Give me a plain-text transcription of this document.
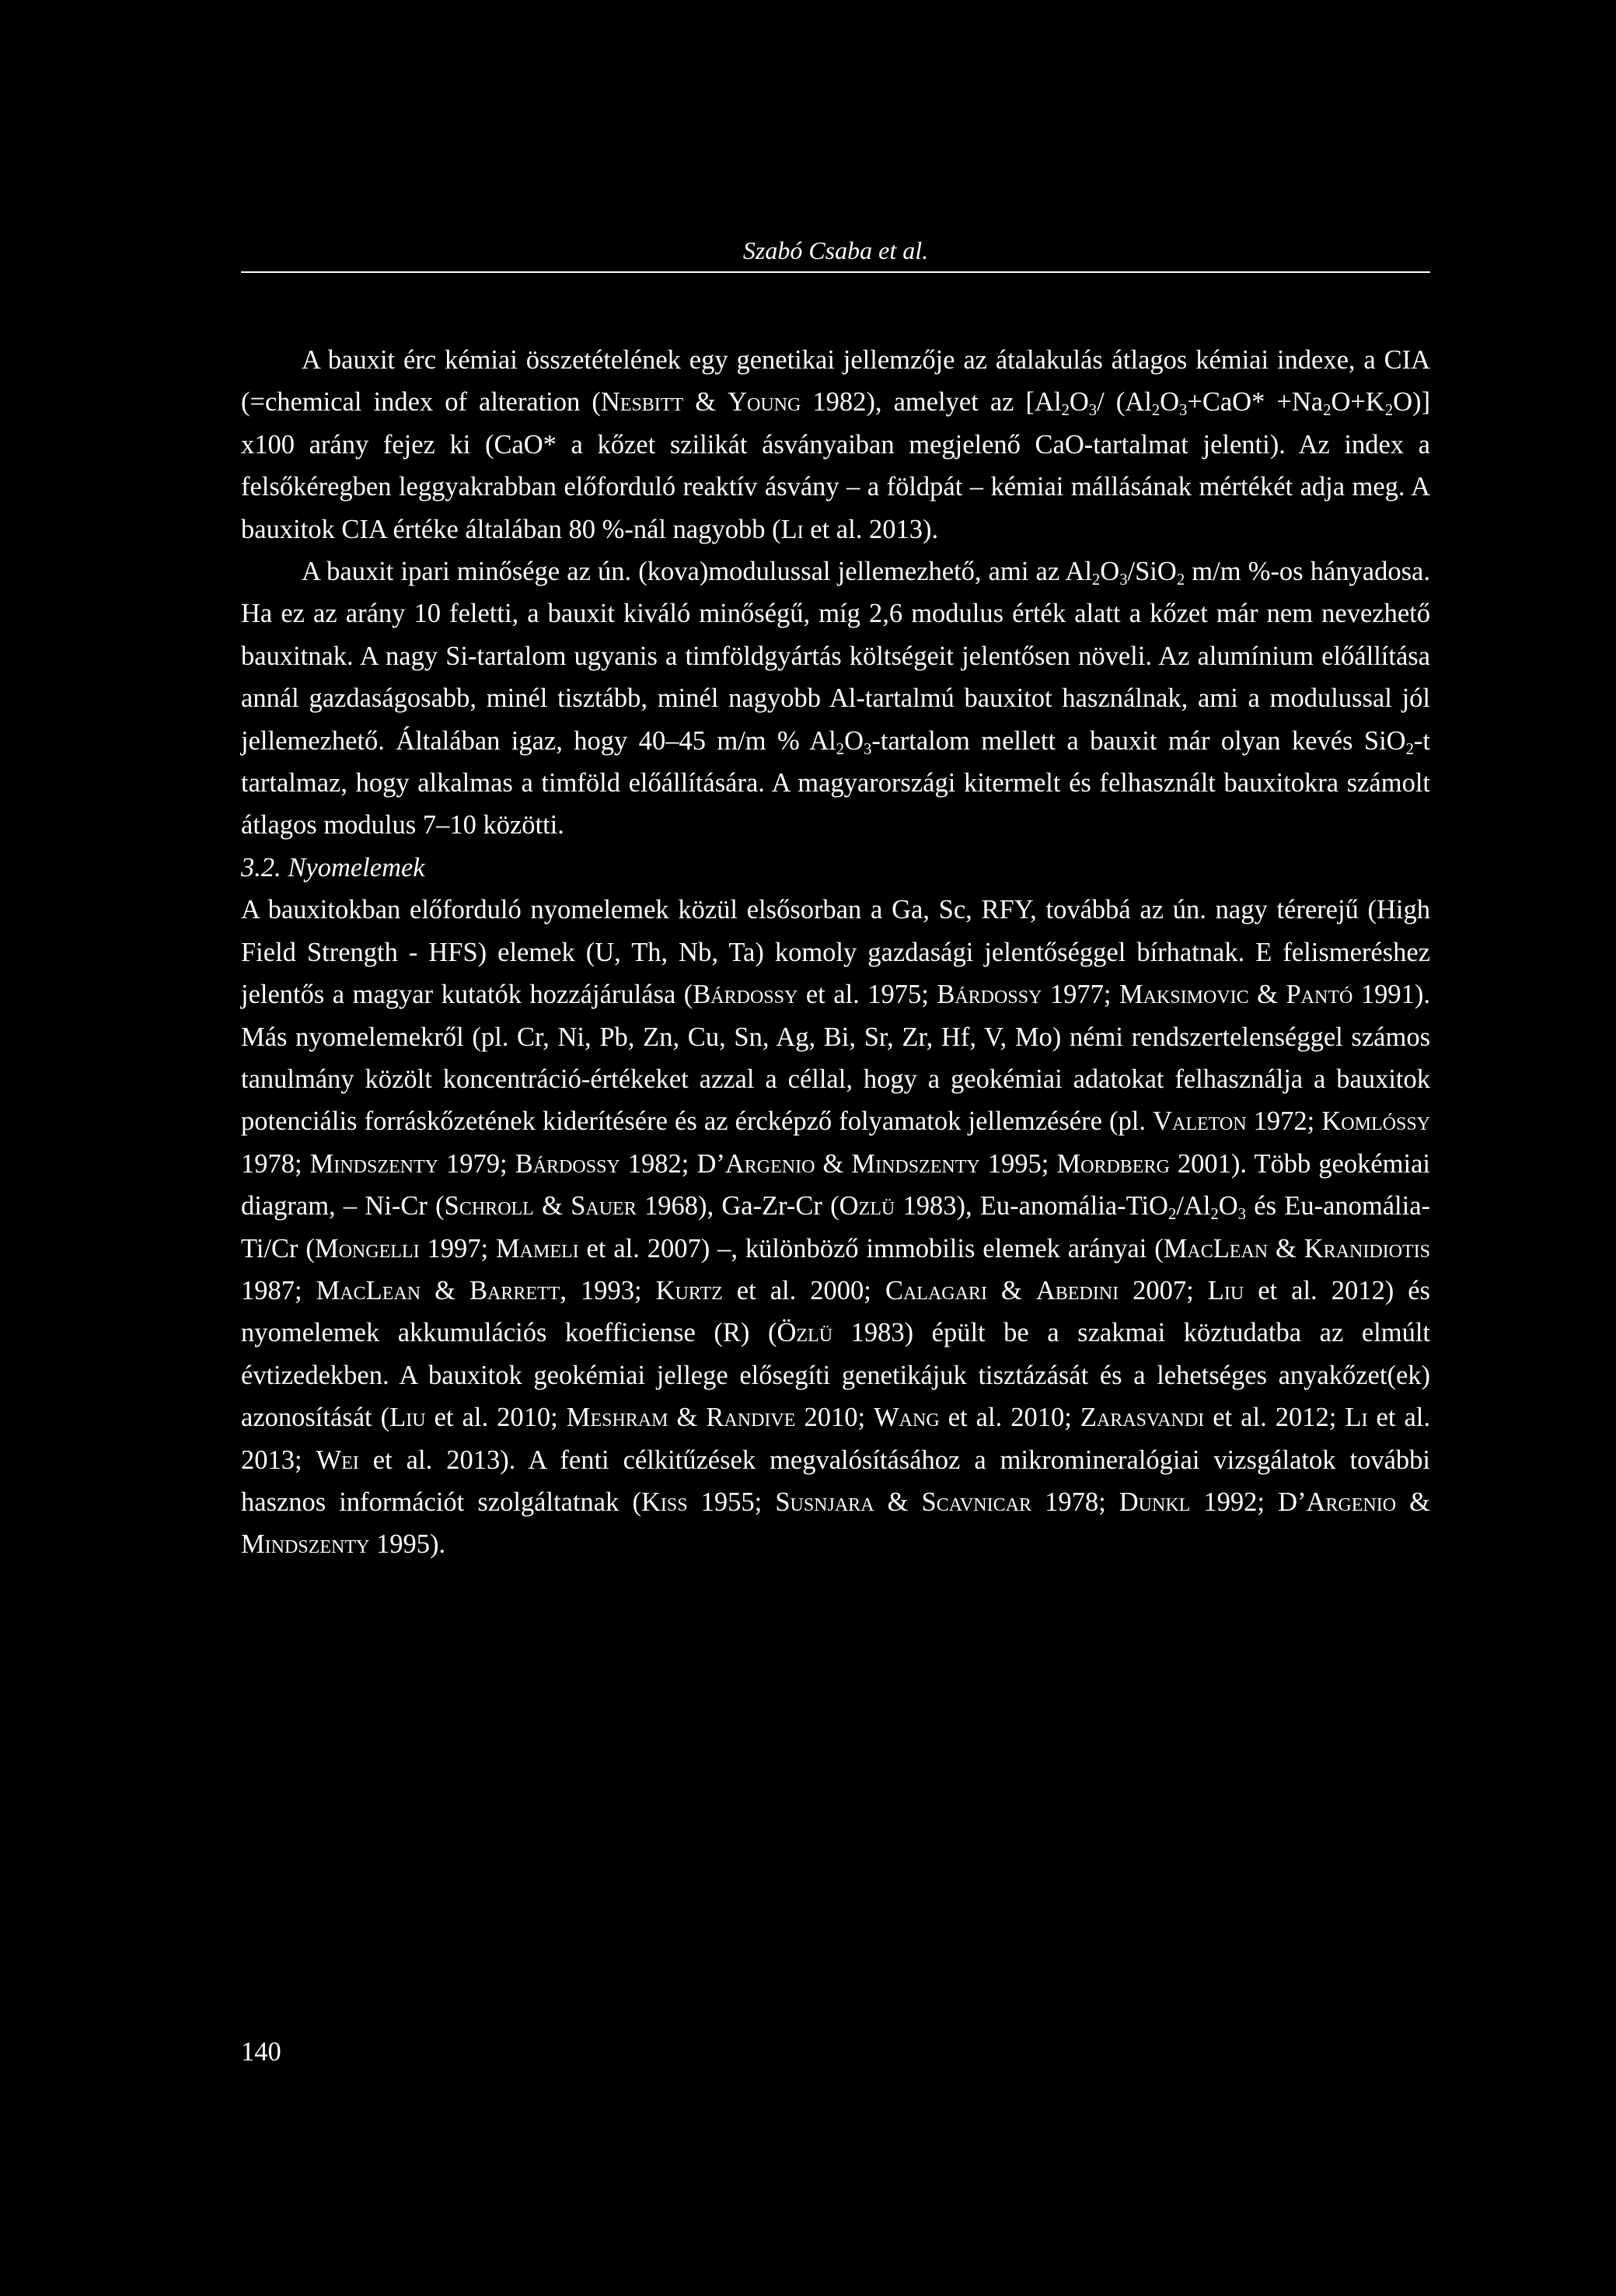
Szabó Csaba et al.

A bauxit érc kémiai összetételének egy genetikai jellemzője az átalakulás átlagos kémiai indexe, a CIA (=chemical index of alteration (Nesbitt & Young 1982), amelyet az [$Al_2O_3/$ $(Al_2O_3+CaO* +Na_2O+K_2O)$] x100 arány fejez ki (CaO* a kőzet szilikát ásványaiban megjelenő CaO-tartalmat jelenti). Az index a felsőkéregben leggyakrabban előforduló reaktív ásvány – a földpát – kémiai mállásának mértékét adja meg. A bauxitok CIA értéke általában 80 %-nál nagyobb (Li et al. 2013).

A bauxit ipari minősége az ún. (kova)modulussal jellemezhető, ami az $Al_2O_3/SiO_2$ m/m %-os hányadosa. Ha ez az arány 10 feletti, a bauxit kiváló minőségű, míg 2,6 modulus érték alatt a kőzet már nem nevezhető bauxitnak. A nagy Si-tartalom ugyanis a timföldgyártás költségeit jelentősen növeli. Az alumínium előállítása annál gazdaságosabb, minél tisztább, minél nagyobb Al-tartalmú bauxitot használnak, ami a modulussal jól jellemezhető. Általában igaz, hogy 40–45 m/m % $Al_2O_3$-tartalom mellett a bauxit már olyan kevés SiO$_2$-t tartalmaz, hogy alkalmas a timföld előállítására. A magyarországi kitermelt és felhasznált bauxitokra számolt átlagos modulus 7–10 közötti.

3.2. Nyomelemek

A bauxitokban előforduló nyomelemek közül elsősorban a Ga, Sc, RFY, továbbá az ún. nagy térerejű (High Field Strength - HFS) elemek (U, Th, Nb, Ta) komoly gazdasági jelentőséggel bírhatnak. E felismeréshez jelentős a magyar kutatók hozzájárulása (Bárdossy et al. 1975; Bárdossy 1977; Maksimovic & Pantó 1991). Más nyomelemekről (pl. Cr, Ni, Pb, Zn, Cu, Sn, Ag, Bi, Sr, Zr, Hf, V, Mo) némi rendszertelenséggel számos tanulmány közölt koncentráció-értékeket azzal a céllal, hogy a geokémiai adatokat felhasználja a bauxitok potenciális forráskőzetének kiderítésére és az ércképző folyamatok jellemzésére (pl. Valeton 1972; Komlóssy 1978; Mindszenty 1979; Bárdossy 1982; D’Argenio & Mindszenty 1995; Mordberg 2001). Több geokémiai diagram, – Ni-Cr (Schroll & Sauer 1968), Ga-Zr-Cr (Ozlü 1983), $Eu-anomália-TiO_2/Al_2O_3$ és Eu-anomália-Ti/Cr (Mongelli 1997; Mameli et al. 2007) –, különböző immobilis elemek arányai (MacLean & Kranidiotis 1987; MacLean & Barrett, 1993; Kurtz et al. 2000; Calagari & Abedini 2007; Liu et al. 2012) és nyomelemek akkumulációs koefficiense (R) (Özlü 1983) épült be a szakmai köztudatba az elmúlt évtizedekben. A bauxitok geokémiai jellege elősegíti genetikájuk tisztázását és a lehetséges anyakőzet(ek) azonosítását (Liu et al. 2010; Meshram & Randive 2010; Wang et al. 2010; Zarasvandi et al. 2012; Li et al. 2013; Wei et al. 2013). A fenti célkitűzések megvalósításához a mikromineralógiai vizsgálatok további hasznos információt szolgáltatnak (Kiss 1955; Susnjara & Scavnicar 1978; Dunkl 1992; D’Argenio & Mindszenty 1995).

140
